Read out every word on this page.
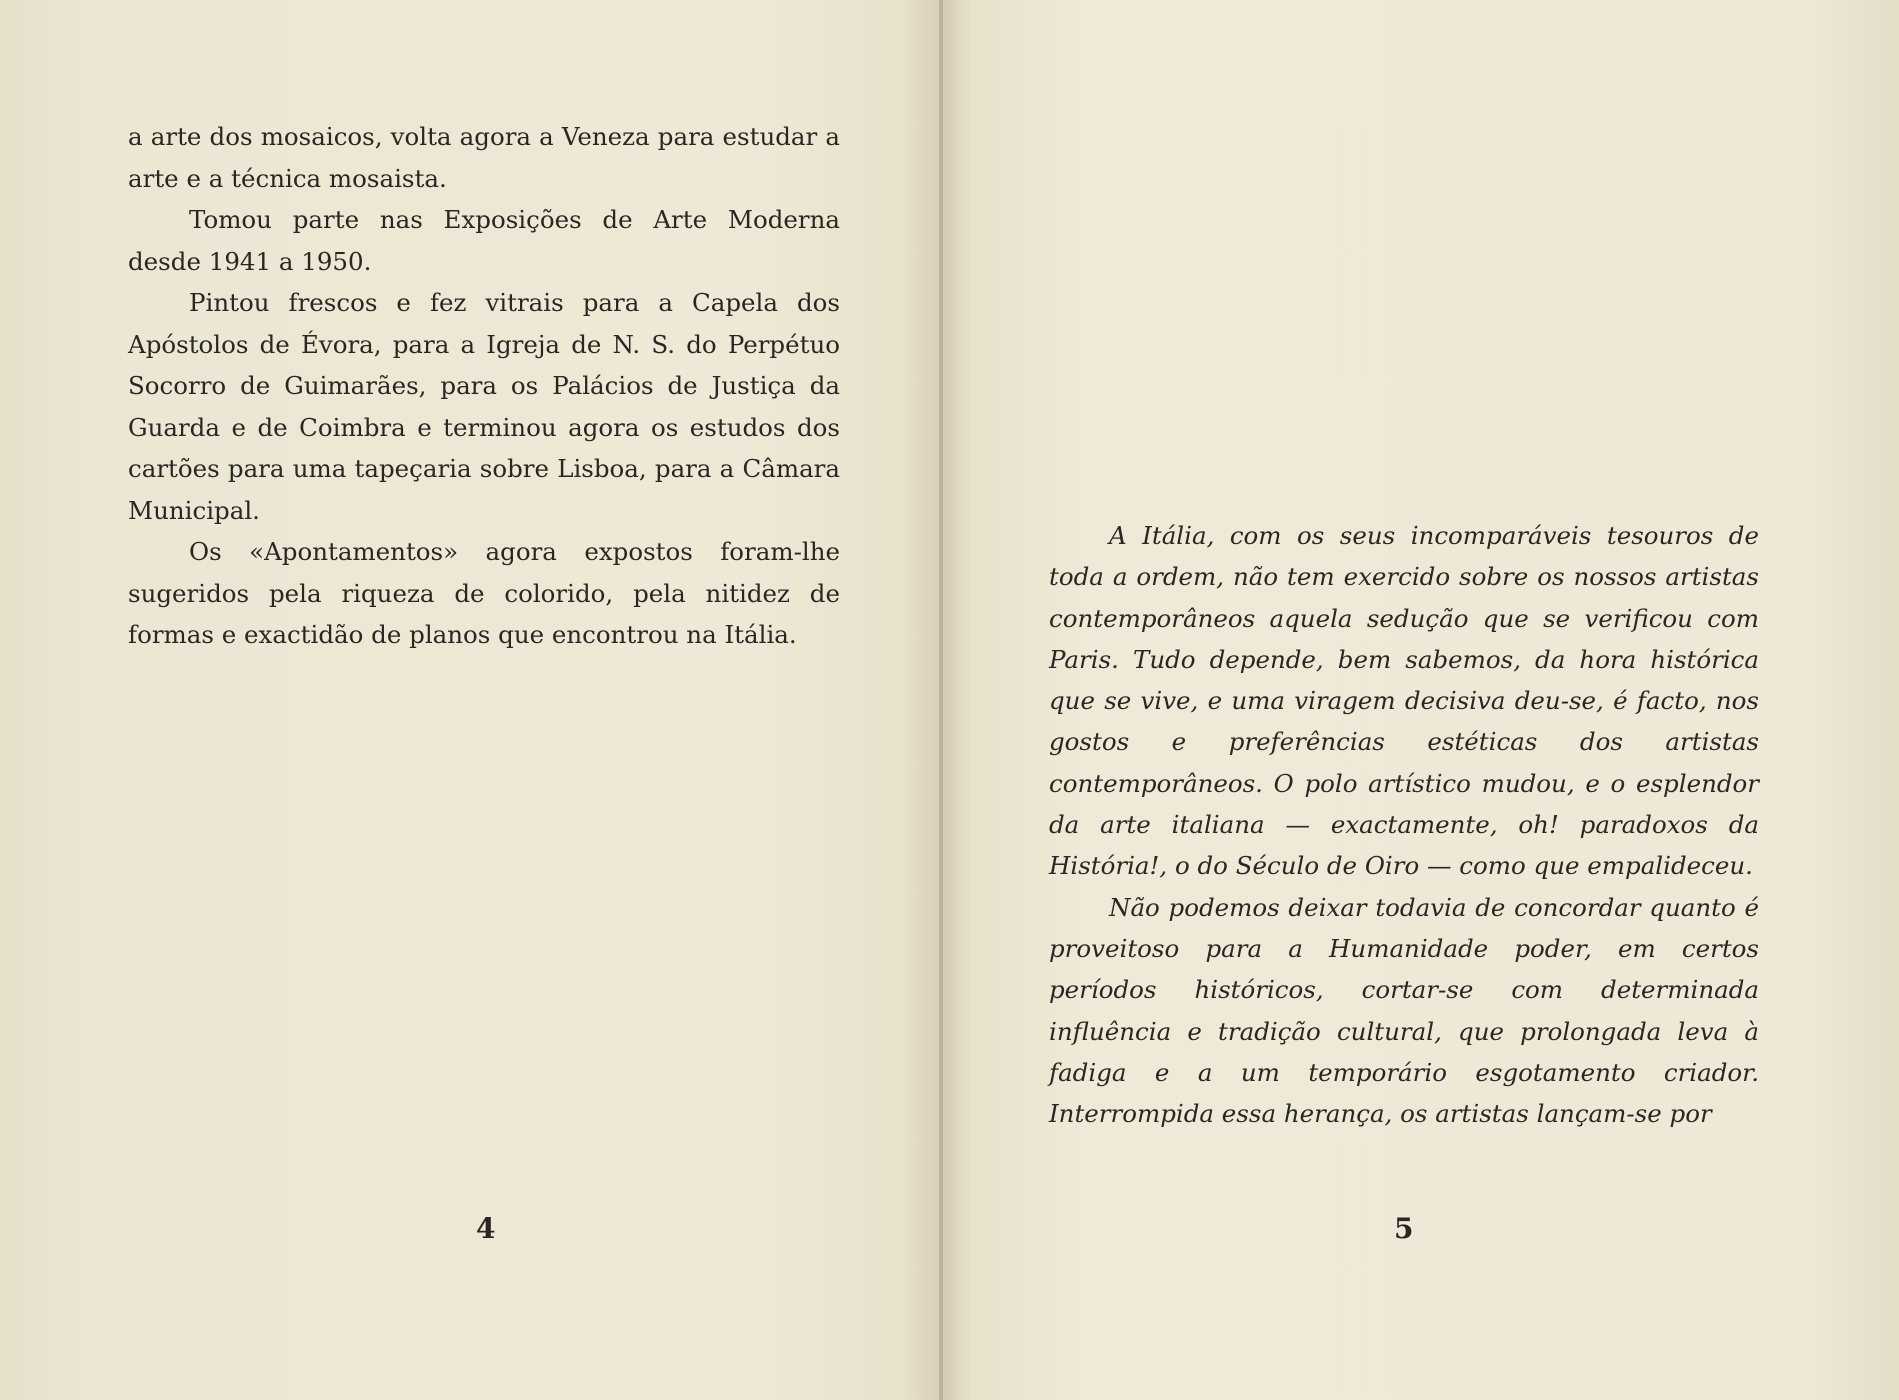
a arte dos mosaicos, volta agora a Veneza para estudar a arte e a técnica mosaista.

Tomou parte nas Exposições de Arte Moderna desde 1941 a 1950.

Pintou frescos e fez vitrais para a Capela dos Apóstolos de Évora, para a Igreja de N. S. do Perpétuo Socorro de Guimarães, para os Palácios de Justiça da Guarda e de Coimbra e terminou agora os estudos dos cartões para uma tapeçaria sobre Lisboa, para a Câmara Municipal.

Os «Apontamentos» agora expostos foram-lhe sugeridos pela riqueza de colorido, pela nitidez de formas e exactidão de planos que encontrou na Itália.

4	5

A Itália, com os seus incomparáveis tesouros de toda a ordem, não tem exercido sobre os nossos artistas contemporâneos aquela sedução que se verificou com Paris. Tudo depende, bem sabemos, da hora histórica que se vive, e uma viragem decisiva deu-se, é facto, nos gostos e preferências estéticas dos artistas contemporâneos. O polo artístico mudou, e o esplendor da arte italiana — exactamente, oh! paradoxos da História!, o do Século de Oiro — como que empalideceu.

Não podemos deixar todavia de concordar quanto é proveitoso para a Humanidade poder, em certos períodos históricos, cortar-se com determinada influência e tradição cultural, que prolongada leva à fadiga e a um temporário esgotamento criador. Interrompida essa herança, os artistas lançam-se por
